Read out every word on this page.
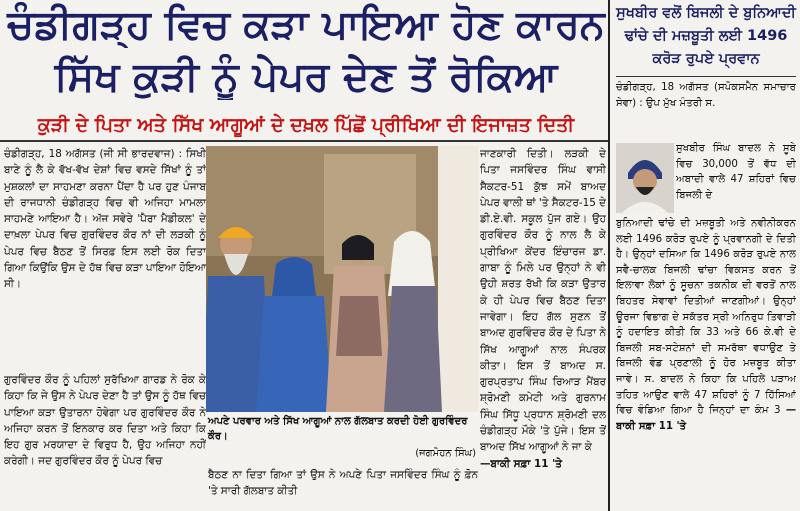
ਚੰਡੀਗੜ੍ਹ ਵਿਚ ਕੜਾ ਪਾਇਆ ਹੋਣ ਕਾਰਨ
ਸਿੱਖ ਕੁੜੀ ਨੂੰ ਪੇਪਰ ਦੇਣ ਤੋਂ ਰੋਕਿਆ
ਕੁੜੀ ਦੇ ਪਿਤਾ ਅਤੇ ਸਿੱਖ ਆਗੂਆਂ ਦੇ ਦਖ਼ਲ ਪਿੱਛੋਂ ਪ੍ਰੀਖਿਆ ਦੀ ਇਜਾਜ਼ਤ ਦਿਤੀ

ਚੰਡੀਗੜ੍ਹ, 18 ਅਗੱਸਤ (ਜੀ ਸੀ ਭਾਰਦਵਾਜ) : ਸਿਖੀ ਬਾਣੇ ਨੂੰ ਲੈ ਕੇ ਵੱਖ-ਵੱਖ ਦੇਸ਼ਾਂ ਵਿਚ ਵਸਦੇ ਸਿੱਖਾਂ ਨੂੰ ਤਾਂ ਮੁਸ਼ਕਲਾਂ ਦਾ ਸਾਹਮਣਾ ਕਰਨਾ ਪੈਂਦਾ ਹੈ ਪਰ ਹੁਣ ਪੰਜਾਬ ਦੀ ਰਾਜਧਾਨੀ ਚੰਡੀਗੜ੍ਹ ਵਿਚ ਵੀ ਅਜਿਹਾ ਮਾਮਲਾ ਸਾਹਮਣੇ ਆਇਆ ਹੈ। ਅੱਜ ਸਵੇਰੇ 'ਪੈਰਾ ਮੈਡੀਕਲ' ਦੇ ਦਾਖ਼ਲਾ ਪੇਪਰ ਵਿਚ ਗੁਰਵਿੰਦਰ ਕੌਰ ਨਾਂ ਦੀ ਲੜਕੀ ਨੂੰ ਪੇਪਰ ਵਿਚ ਬੈਠਣ ਤੋਂ ਸਿਰਫ਼ ਇਸ ਲਈ ਰੋਕ ਦਿਤਾ ਗਿਆ ਕਿਉਂਕਿ ਉਸ ਦੇ ਹੱਥ ਵਿਚ ਕੜਾ ਪਾਇਆ ਹੋਇਆ ਸੀ।

ਅਪਣੇ ਪਰਵਾਰ ਅਤੇ ਸਿੱਖ ਆਗੂਆਂ ਨਾਲ ਗੱਲਬਾਤ ਕਰਦੀ ਹੋਈ ਗੁਰਵਿੰਦਰ ਕੌਰ।
(ਜਗਮੋਹਨ ਸਿੰਘ)

ਗੁਰਵਿੰਦਰ ਕੌਰ ਨੂੰ ਪਹਿਲਾਂ ਸੁਰੱਖਿਆ ਗਾਰਡ ਨੇ ਰੋਕ ਕੇ ਕਿਹਾ ਕਿ ਜੇ ਉਸ ਨੇ ਪੇਪਰ ਦੇਣਾ ਹੈ ਤਾਂ ਉਸ ਨੂੰ ਹੱਥ ਵਿਚ ਪਾਇਆ ਕੜਾ ਉਤਾਰਨਾ ਹੋਵੇਗਾ ਪਰ ਗੁਰਵਿੰਦਰ ਕੌਰ ਨੇ ਅਜਿਹਾ ਕਰਨ ਤੋਂ ਇਨਕਾਰ ਕਰ ਦਿਤਾ ਅਤੇ ਕਿਹਾ ਕਿ ਇਹ ਗੁਰ ਮਰਯਾਦਾ ਦੇ ਵਿਰੁਧ ਹੈ, ਉਹ ਅਜਿਹਾ ਨਹੀਂ ਕਰੇਗੀ। ਜਦ ਗੁਰਵਿੰਦਰ ਕੌਰ ਨੂੰ ਪੇਪਰ ਵਿਚ

ਬੈਠਣ ਨਾ ਦਿਤਾ ਗਿਆ ਤਾਂ ਉਸ ਨੇ ਅਪਣੇ ਪਿਤਾ ਜਸਵਿੰਦਰ ਸਿੰਘ ਨੂੰ ਫ਼ੋਨ 'ਤੇ ਸਾਰੀ ਗੱਲਬਾਤ ਕੀਤੀ

ਜਾਣਕਾਰੀ ਦਿਤੀ। ਲੜਕੀ ਦੇ ਪਿਤਾ ਜਸਵਿੰਦਰ ਸਿੰਘ ਵਾਸੀ ਸੈਕਟਰ-51 ਕੁੱਝ ਸਮੇਂ ਬਾਅਦ ਪੇਪਰ ਵਾਲੀ ਥਾਂ 'ਤੇ ਸੈਕਟਰ-15 ਦੇ ਡੀ.ਏ.ਵੀ. ਸਕੂਲ ਪੁੱਜ ਗਏ। ਉਹ ਗੁਰਵਿੰਦਰ ਕੌਰ ਨੂੰ ਨਾਲ ਲੈ ਕੇ ਪ੍ਰੀਖਿਆ ਕੇਂਦਰ ਇੰਚਾਰਜ ਡਾ. ਗਾਬਾ ਨੂੰ ਮਿਲੇ ਪਰ ਉਨ੍ਹਾਂ ਨੇ ਵੀ ਉਹੀ ਸ਼ਰਤ ਰੱਖੀ ਕਿ ਕੜਾ ਉਤਾਰ ਕੇ ਹੀ ਪੇਪਰ ਵਿਚ ਬੈਠਣ ਦਿਤਾ ਜਾਵੇਗਾ। ਇਹ ਗੱਲ ਸੁਣਨ ਤੋਂ ਬਾਅਦ ਗੁਰਵਿੰਦਰ ਕੌਰ ਦੇ ਪਿਤਾ ਨੇ ਸਿੱਖ ਆਗੂਆਂ ਨਾਲ ਸੰਪਰਕ ਕੀਤਾ। ਇਸ ਤੋਂ ਬਾਅਦ ਸ. ਗੁਰਪ੍ਰਤਾਪ ਸਿੰਘ ਰਿਆੜ ਮੈਂਬਰ ਸ਼੍ਰੋਮਣੀ ਕਮੇਟੀ ਅਤੇ ਗੁਰਨਾਮ ਸਿੰਘ ਸਿੱਧੂ ਪ੍ਰਧਾਨ ਸ਼੍ਰੋਮਣੀ ਦਲ ਚੰਡੀਗੜ੍ਹ ਮੌਕੇ 'ਤੇ ਪੁੱਜੇ। ਇਸ ਤੋਂ ਬਾਅਦ ਸਿੱਖ ਆਗੂਆਂ ਨੇ ਜਾ ਕੇ

—ਬਾਕੀ ਸਫ਼ਾ 11 'ਤੇ

ਸੁਖਬੀਰ ਵਲੋਂ ਬਿਜਲੀ ਦੇ ਬੁਨਿਆਦੀ ਢਾਂਚੇ ਦੀ ਮਜ਼ਬੂਤੀ ਲਈ 1496 ਕਰੋੜ ਰੁਪਏ ਪ੍ਰਵਾਨ
ਚੰਡੀਗੜ੍ਹ, 18 ਅਗੱਸਤ (ਸਪੋਕਸਮੈਨ ਸਮਾਚਾਰ ਸੇਵਾ) : ਉਪ ਮੁੱਖ ਮੰਤਰੀ ਸ.
ਸੁਖਬੀਰ ਸਿੰਘ ਬਾਦਲ ਨੇ ਸੂਬੇ ਵਿਚ 30,000 ਤੋਂ ਵੱਧ ਦੀ ਅਬਾਦੀ ਵਾਲੇ 47 ਸ਼ਹਿਰਾਂ ਵਿਚ ਬਿਜਲੀ ਦੇ
ਬੁਨਿਆਦੀ ਢਾਂਚੇ ਦੀ ਮਜ਼ਬੂਤੀ ਅਤੇ ਨਵੀਨੀਕਰਨ ਲਈ 1496 ਕਰੋੜ ਰੁਪਏ ਨੂੰ ਪ੍ਰਵਾਨਗੀ ਦੇ ਦਿਤੀ ਹੈ। ਉਨ੍ਹਾਂ ਦਸਿਆ ਕਿ 1496 ਕਰੋੜ ਰੁਪਏ ਨਾਲ ਸਵੈ-ਚਾਲਕ ਬਿਜਲੀ ਢਾਂਚਾ ਵਿਕਸਤ ਕਰਨ ਤੋਂ ਇਲਾਵਾ ਲੋਕਾਂ ਨੂੰ ਸੂਚਨਾ ਤਕਨੀਕ ਦੀ ਵਰਤੋਂ ਨਾਲ ਬਿਹਤਰ ਸੇਵਾਵਾਂ ਦਿਤੀਆਂ ਜਾਣਗੀਆਂ। ਉਨ੍ਹਾਂ ਊਰਜਾ ਵਿਭਾਗ ਦੇ ਸਕੱਤਰ ਸ੍ਰੀ ਅਨਿਰੁਧ ਤਿਵਾੜੀ ਨੂੰ ਹਦਾਇਤ ਕੀਤੀ ਕਿ 33 ਅਤੇ 66 ਕੇ.ਵੀ ਦੇ ਬਿਜਲੀ ਸਬ-ਸਟੇਸ਼ਨਾਂ ਦੀ ਸਮਰੱਥਾ ਵਧਾਉਣ ਤੇ ਬਿਜਲੀ ਵੰਡ ਪ੍ਰਣਾਲੀ ਨੂੰ ਹੋਰ ਮਜ਼ਬੂਤ ਕੀਤਾ ਜਾਵੇ। ਸ. ਬਾਦਲ ਨੇ ਕਿਹਾ ਕਿ ਪਹਿਲੇ ਪੜਾਅ ਤਹਿਤ ਆਉਣ ਵਾਲੇ 47 ਸ਼ਹਿਰਾਂ ਨੂੰ 7 ਹਿੱਸਿਆਂ ਵਿਚ ਵੰਡਿਆ ਗਿਆ ਹੈ ਜਿਨ੍ਹਾਂ ਦਾ ਕੰਮ 3 —ਬਾਕੀ ਸਫ਼ਾ 11 'ਤੇ
